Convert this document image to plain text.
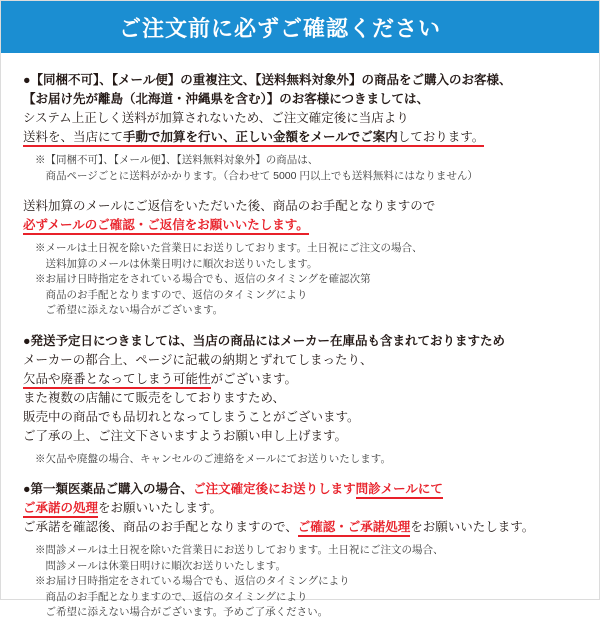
ご注文前に必ずご確認ください
●【同梱不可】、【メール便】の重複注文、【送料無料対象外】の商品をご購入のお客様、
【お届け先が離島（北海道・沖縄県を含む）】のお客様につきましては、
システム上正しく送料が加算されないため、ご注文確定後に当店より
送料を、当店にて手動で加算を行い、正しい金額をメールでご案内しております。
※【同梱不可】、【メール便】、【送料無料対象外】の商品は、
　商品ページごとに送料がかかります。（合わせて 5000 円以上でも送料無料にはなりません）
送料加算のメールにご返信をいただいた後、商品のお手配となりますので
必ずメールのご確認・ご返信をお願いいたします。
※メールは土日祝を除いた営業日にお送りしております。土日祝にご注文の場合、
　送料加算のメールは休業日明けに順次お送りいたします。
※お届け日時指定をされている場合でも、返信のタイミングを確認次第
　商品のお手配となりますので、返信のタイミングにより
　ご希望に添えない場合がございます。
●発送予定日につきましては、当店の商品にはメーカー在庫品も含まれておりますため
メーカーの都合上、ページに記載の納期とずれてしまったり、
欠品や廃番となってしまう可能性がございます。
また複数の店舗にて販売をしておりますため、
販売中の商品でも品切れとなってしまうことがございます。
ご了承の上、ご注文下さいますようお願い申し上げます。
※欠品や廃盤の場合、キャンセルのご連絡をメールにてお送りいたします。
●第一類医薬品ご購入の場合、ご注文確定後にお送りします問診メールにて
ご承諾の処理をお願いいたします。
ご承諾を確認後、商品のお手配となりますので、ご確認・ご承諾処理をお願いいたします。
※問診メールは土日祝を除いた営業日にお送りしております。土日祝にご注文の場合、
　問診メールは休業日明けに順次お送りいたします。
※お届け日時指定をされている場合でも、返信のタイミングにより
　商品のお手配となりますので、返信のタイミングにより
　ご希望に添えない場合がございます。予めご了承ください。
